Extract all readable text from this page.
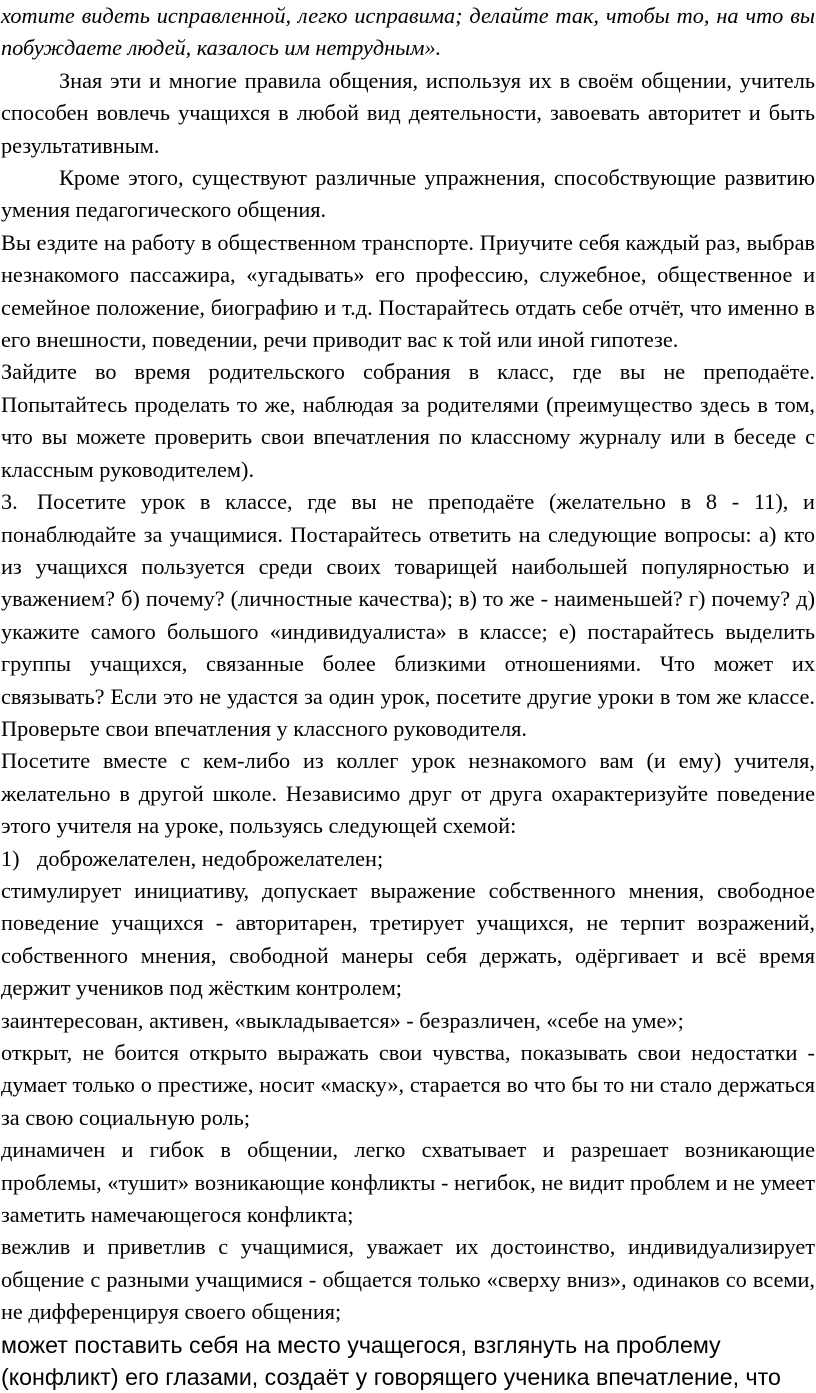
хотите видеть исправленной, легко исправима; делайте так, чтобы то, на что вы побуждаете людей, казалось им нетрудным».

Зная эти и многие правила общения, используя их в своём общении, учитель способен вовлечь учащихся в любой вид деятельности, завоевать авторитет и быть результативным.

Кроме этого, существуют различные упражнения, способствующие развитию умения педагогического общения.

Вы ездите на работу в общественном транспорте. Приучите себя каждый раз, выбрав незнакомого пассажира, «угадывать» его профессию, служебное, общественное и семейное положение, биографию и т.д. Постарайтесь отдать себе отчёт, что именно в его внешности, поведении, речи приводит вас к той или иной гипотезе.

Зайдите во время родительского собрания в класс, где вы не преподаёте. Попытайтесь проделать то же, наблюдая за родителями (преимущество здесь в том, что вы можете проверить свои впечатления по классному журналу или в беседе с классным руководителем).

3. Посетите урок в классе, где вы не преподаёте (желательно в 8 - 11), и понаблюдайте за учащимися. Постарайтесь ответить на следующие вопросы: а) кто из учащихся пользуется среди своих товарищей наибольшей популярностью и уважением? б) почему? (личностные качества); в) то же - наименьшей? г) почему? д) укажите самого большого «индивидуалиста» в классе; е) постарайтесь выделить группы учащихся, связанные более близкими отношениями. Что может их связывать? Если это не удастся за один урок, посетите другие уроки в том же классе. Проверьте свои впечатления у классного руководителя.

Посетите вместе с кем-либо из коллег урок незнакомого вам (и ему) учителя, желательно в другой школе. Независимо друг от друга охарактеризуйте поведение этого учителя на уроке, пользуясь следующей схемой:

1) доброжелателен, недоброжелателен;

стимулирует инициативу, допускает выражение собственного мнения, свободное поведение учащихся - авторитарен, третирует учащихся, не терпит возражений, собственного мнения, свободной манеры себя держать, одёргивает и всё время держит учеников под жёстким контролем;

заинтересован, активен, «выкладывается» - безразличен, «себе на уме»;

открыт, не боится открыто выражать свои чувства, показывать свои недостатки - думает только о престиже, носит «маску», старается во что бы то ни стало держаться за свою социальную роль;

динамичен и гибок в общении, легко схватывает и разрешает возникающие проблемы, «тушит» возникающие конфликты - негибок, не видит проблем и не умеет заметить намечающегося конфликта;

вежлив и приветлив с учащимися, уважает их достоинство, индивидуализирует общение с разными учащимися - общается только «сверху вниз», одинаков со всеми, не дифференцируя своего общения;

может поставить себя на место учащегося, взглянуть на проблему (конфликт) его глазами, создаёт у говорящего ученика впечатление, что
